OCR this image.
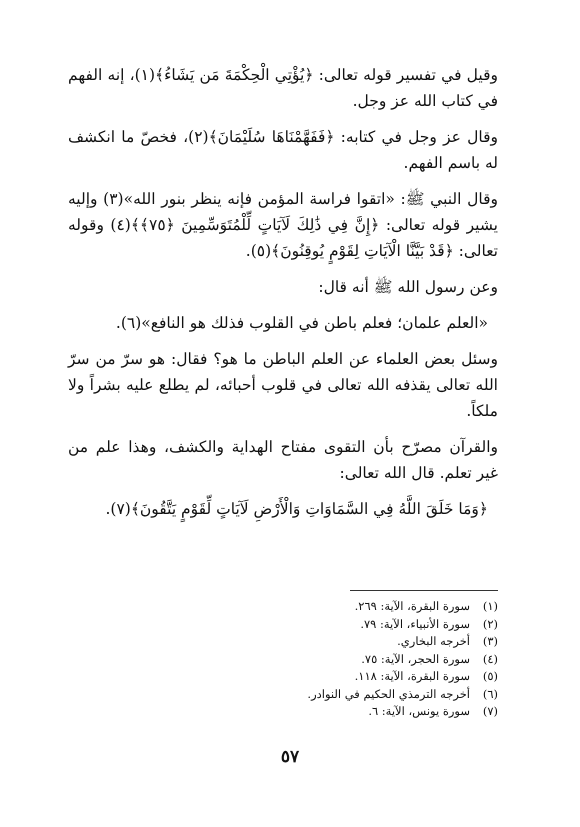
وقيل في تفسير قوله تعالى: ﴿يُؤْتِي الْحِكْمَةَ مَن يَشَاءُ﴾(١)، إنه الفهم في كتاب الله عز وجل.

وقال عز وجل في كتابه: ﴿فَفَهَّمْنَاهَا سُلَيْمَانَ﴾(٢)، فخصّ ما انكشف له باسم الفهم.

وقال النبي ﷺ: «اتقوا فراسة المؤمن فإنه ينظر بنور الله»(٣) وإليه يشير قوله تعالى: ﴿إِنَّ فِي ذَٰلِكَ لَآيَاتٍ لِّلْمُتَوَسِّمِينَ ﴿٧٥﴾﴾(٤) وقوله تعالى: ﴿قَدْ بَيَّنَّا الْآيَاتِ لِقَوْمٍ يُوقِنُونَ﴾(٥).

وعن رسول الله ﷺ أنه قال:

«العلم علمان؛ فعلم باطن في القلوب فذلك هو النافع»(٦).

وسئل بعض العلماء عن العلم الباطن ما هو؟ فقال: هو سرّ من سرّ الله تعالى يقذفه الله تعالى في قلوب أحبائه، لم يطلع عليه بشراً ولا ملكاً.

والقرآن مصرّح بأن التقوى مفتاح الهداية والكشف، وهذا علم من غير تعلم. قال الله تعالى:

﴿وَمَا خَلَقَ اللَّهُ فِي السَّمَاوَاتِ وَالْأَرْضِ لَآيَاتٍ لِّقَوْمٍ يَتَّقُونَ﴾(٧).

(١)
سورة البقرة، الآية: ٢٦٩.
(٢)
سورة الأنبياء، الآية: ٧٩.
(٣)
أخرجه البخاري.
(٤)
سورة الحجر، الآية: ٧٥.
(٥)
سورة البقرة، الآية: ١١٨.
(٦)
أخرجه الترمذي الحكيم في النوادر.
(٧)
سورة يونس، الآية: ٦.
٥٧
